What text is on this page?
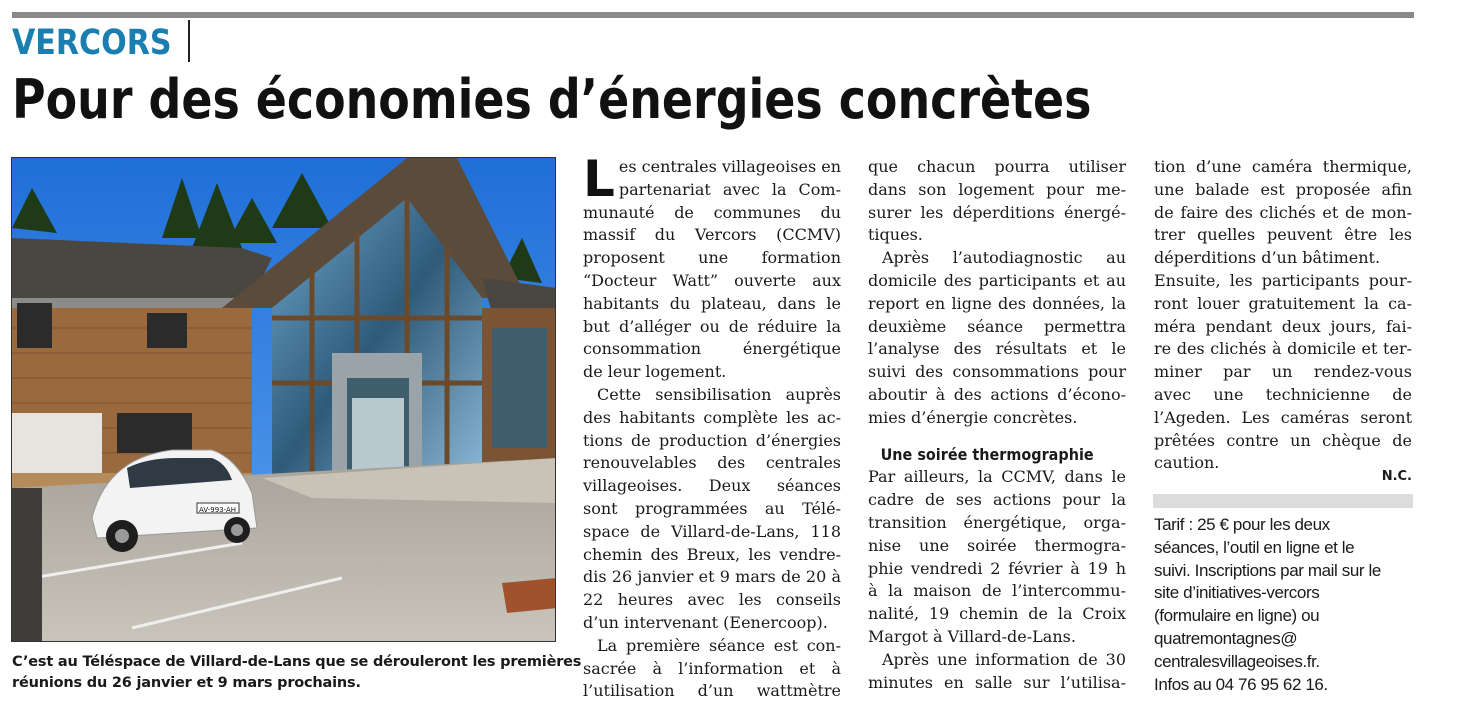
VERCORS
Pour des économies d’énergies concrètes
AV-993-AH
C’est au Téléspace de Villard-de-Lans que se dérouleront les premières
réunions du 26 janvier et 9 mars prochains.
L es centrales villageoises en
partenariat avec la Com-
munauté de communes du
massif du Vercors (CCMV)
proposent une formation
“Docteur Watt” ouverte aux
habitants du plateau, dans le
but d’alléger ou de réduire la
consommation énergétique
de leur logement.
Cette sensibilisation auprès
des habitants complète les ac-
tions de production d’énergies
renouvelables des centrales
villageoises. Deux séances
sont programmées au Télé-
space de Villard-de-Lans, 118
chemin des Breux, les vendre-
dis 26 janvier et 9 mars de 20 à
22 heures avec les conseils
d’un intervenant (Eenercoop).
La première séance est con-
sacrée à l’information et à
l’utilisation d’un wattmètre
que chacun pourra utiliser
dans son logement pour me-
surer les déperditions énergé-
tiques.
Après l’autodiagnostic au
domicile des participants et au
report en ligne des données, la
deuxième séance permettra
l’analyse des résultats et le
suivi des consommations pour
aboutir à des actions d’écono-
mies d’énergie concrètes.
Une soirée thermographie
Par ailleurs, la CCMV, dans le
cadre de ses actions pour la
transition énergétique, orga-
nise une soirée thermogra-
phie vendredi 2 février à 19 h
à la maison de l’intercommu-
nalité, 19 chemin de la Croix
Margot à Villard-de-Lans.
Après une information de 30
minutes en salle sur l’utilisa-
tion d’une caméra thermique,
une balade est proposée afin
de faire des clichés et de mon-
trer quelles peuvent être les
déperditions d’un bâtiment.
Ensuite, les participants pour-
ront louer gratuitement la ca-
méra pendant deux jours, fai-
re des clichés à domicile et ter-
miner par un rendez-vous
avec une technicienne de
l’Ageden. Les caméras seront
prêtées contre un chèque de
caution.
N.C.
Tarif : 25 € pour les deux
séances, l’outil en ligne et le
suivi. Inscriptions par mail sur le
site d’initiatives-vercors
(formulaire en ligne) ou
quatremontagnes@
centralesvillageoises.fr.
Infos au 04 76 95 62 16.
